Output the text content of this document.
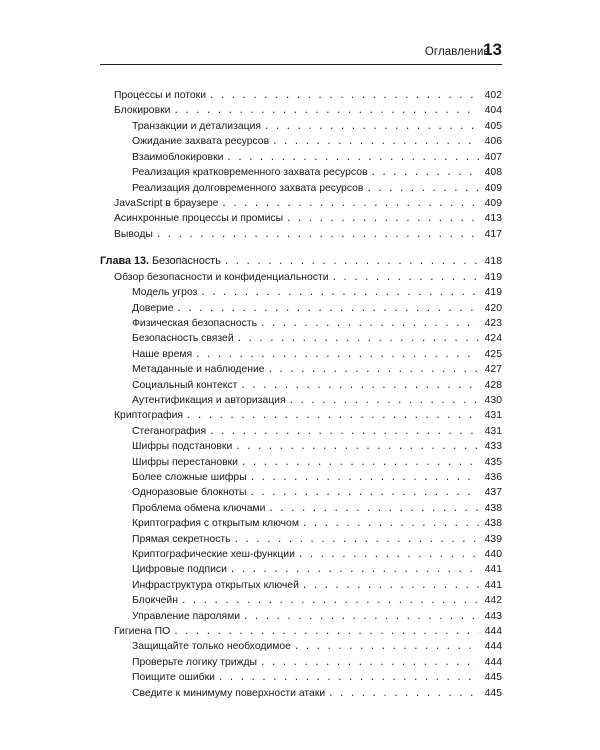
Оглавление
13
Процессы и потоки . . .	402
Блокировки . . .	404
Транзакции и детализация . . .	405
Ожидание захвата ресурсов . . .	406
Взаимоблокировки . . .	407
Реализация кратковременного захвата ресурсов . . .	408
Реализация долговременного захвата ресурсов . . .	409
JavaScript в браузере . . .	409
Асинхронные процессы и промисы . . .	413
Выводы . . .	417
Глава 13. Безопасность . . .	418
Обзор безопасности и конфиденциальности . . .	419
Модель угроз . . .	419
Доверие . . .	420
Физическая безопасность . . .	423
Безопасность связей . . .	424
Наше время . . .	425
Метаданные и наблюдение . . .	427
Социальный контекст . . .	428
Аутентификация и авторизация . . .	430
Криптография . . .	431
Стеганография . . .	431
Шифры подстановки . . .	433
Шифры перестановки . . .	435
Более сложные шифры . . .	436
Одноразовые блокноты . . .	437
Проблема обмена ключами . . .	438
Криптография с открытым ключом . . .	438
Прямая секретность . . .	439
Криптографические хеш-функции . . .	440
Цифровые подписи . . .	441
Инфраструктура открытых ключей . . .	441
Блокчейн . . .	442
Управление паролями . . .	443
Гигиена ПО . . .	444
Защищайте только необходимое . . .	444
Проверьте логику трижды . . .	444
Поищите ошибки . . .	445
Сведите к минимуму поверхности атаки . . .	445
